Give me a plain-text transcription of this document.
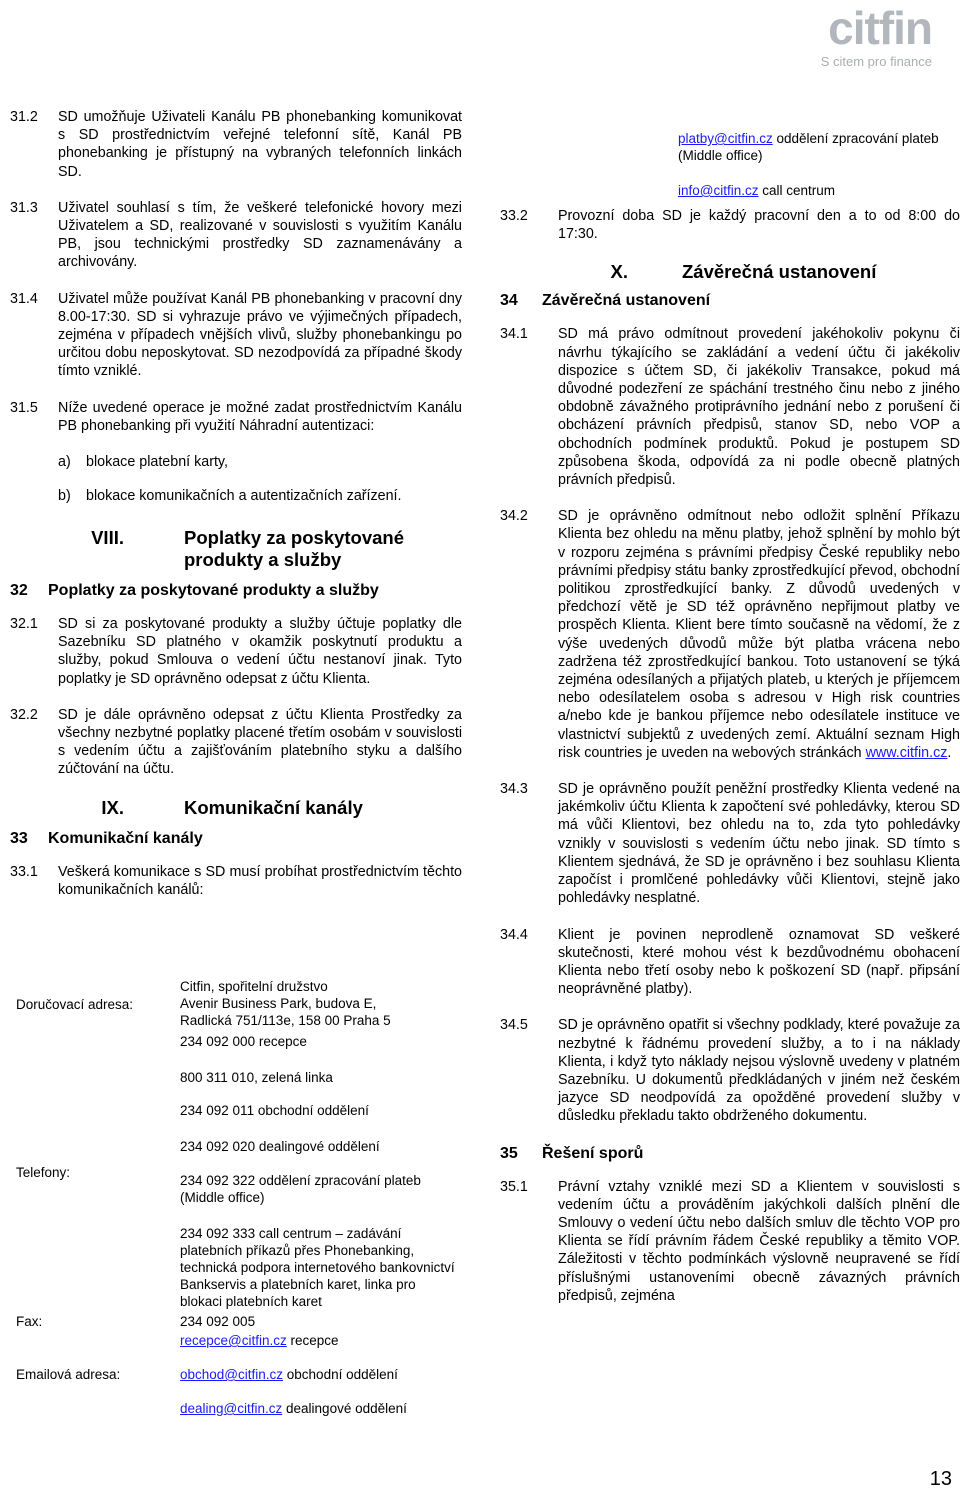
citfin
S citem pro finance
31.2	SD umožňuje Uživateli Kanálu PB phonebanking komunikovat s SD prostřednictvím veřejné telefonní sítě, Kanál PB phonebanking je přístupný na vybraných telefonních linkách SD.
31.3	Uživatel souhlasí s tím, že veškeré telefonické hovory mezi Uživatelem a SD, realizované v souvislosti s využitím Kanálu PB, jsou technickými prostředky SD zaznamenávány a archivovány.
31.4	Uživatel může používat Kanál PB phonebanking v pracovní dny 8.00-17:30. SD si vyhrazuje právo ve výjimečných případech, zejména v případech vnějších vlivů, služby phonebankingu po určitou dobu neposkytovat. SD nezodpovídá za případné škody tímto vzniklé.
31.5	Níže uvedené operace je možné zadat prostřednictvím Kanálu PB phonebanking při využití Náhradní autentizaci:
a)	blokace platební karty,
b)	blokace komunikačních a autentizačních zařízení.
VIII.	Poplatky za poskytované
produkty a služby
32	Poplatky za poskytované produkty a služby
32.1	SD si za poskytované produkty a služby účtuje poplatky dle Sazebníku SD platného v okamžik poskytnutí produktu a služby, pokud Smlouva o vedení účtu nestanoví jinak. Tyto poplatky je SD oprávněno odepsat z účtu Klienta.
32.2	SD je dále oprávněno odepsat z účtu Klienta Prostředky za všechny nezbytné poplatky placené třetím osobám v souvislosti s vedením účtu a zajišťováním platebního styku a dalšího zúčtování na účtu.
IX.	Komunikační kanály
33	Komunikační kanály
33.1	Veškerá komunikace s SD musí probíhat prostřednictvím těchto komunikačních kanálů:
Doručovací adresa:
Citfin, spořitelní družstvo
Avenir Business Park, budova E,
Radlická 751/113e, 158 00 Praha 5
Telefony:
234 092 000 recepce
800 311 010, zelená linka
234 092 011 obchodní oddělení
234 092 020 dealingové oddělení
234 092 322 oddělení zpracování plateb (Middle office)
234 092 333 call centrum – zadávání platebních příkazů přes Phonebanking, technická podpora internetového bankovnictví Bankservis a platebních karet, linka pro blokaci platebních karet
Fax:	234 092 005
Emailová adresa:
recepce@citfin.cz recepce
obchod@citfin.cz obchodní oddělení
dealing@citfin.cz dealingové oddělení
platby@citfin.cz oddělení zpracování plateb (Middle office)
info@citfin.cz call centrum
33.2	Provozní doba SD je každý pracovní den a to od 8:00 do 17:30.
X.	Závěrečná ustanovení
34	Závěrečná ustanovení
34.1	SD má právo odmítnout provedení jakéhokoliv pokynu či návrhu týkajícího se zakládání a vedení účtu či jakékoliv dispozice s účtem SD, či jakékoliv Transakce, pokud má důvodné podezření ze spáchání trestného činu nebo z jiného obdobně závažného protiprávního jednání nebo z porušení či obcházení právních předpisů, stanov SD, nebo VOP a obchodních podmínek produktů. Pokud je postupem SD způsobena škoda, odpovídá za ni podle obecně platných právních předpisů.
34.2	SD je oprávněno odmítnout nebo odložit splnění Příkazu Klienta bez ohledu na měnu platby, jehož splnění by mohlo být v rozporu zejména s právními předpisy České republiky nebo právními předpisy státu banky zprostředkující převod, obchodní politikou zprostředkující banky. Z důvodů uvedených v předchozí větě je SD též oprávněno nepřijmout platby ve prospěch Klienta. Klient bere tímto současně na vědomí, že z výše uvedených důvodů může být platba vrácena nebo zadržena též zprostředkující bankou. Toto ustanovení se týká zejména odesílaných a přijatých plateb, u kterých je příjemcem nebo odesílatelem osoba s adresou v High risk countries a/nebo kde je bankou příjemce nebo odesílatele instituce ve vlastnictví subjektů z uvedených zemí. Aktuální seznam High risk countries je uveden na webových stránkách www.citfin.cz.
34.3	SD je oprávněno použít peněžní prostředky Klienta vedené na jakémkoliv účtu Klienta k započtení své pohledávky, kterou SD má vůči Klientovi, bez ohledu na to, zda tyto pohledávky vznikly v souvislosti s vedením účtu nebo jinak. SD tímto s Klientem sjednává, že SD je oprávněno i bez souhlasu Klienta započíst i promlčené pohledávky vůči Klientovi, stejně jako pohledávky nesplatné.
34.4	Klient je povinen neprodleně oznamovat SD veškeré skutečnosti, které mohou vést k bezdůvodnému obohacení Klienta nebo třetí osoby nebo k poškození SD (např. připsání neoprávněné platby).
34.5	SD je oprávněno opatřit si všechny podklady, které považuje za nezbytné k řádnému provedení služby, a to i na náklady Klienta, i když tyto náklady nejsou výslovně uvedeny v platném Sazebníku. U dokumentů předkládaných v jiném než českém jazyce SD neodpovídá za opožděné provedení služby v důsledku překladu takto obdrženého dokumentu.
35	Řešení sporů
35.1	Právní vztahy vzniklé mezi SD a Klientem v souvislosti s vedením účtu a prováděním jakýchkoli dalších plnění dle Smlouvy o vedení účtu nebo dalších smluv dle těchto VOP pro Klienta se řídí právním řádem České republiky a těmito VOP. Záležitosti v těchto podmínkách výslovně neupravené se řídí příslušnými ustanoveními obecně závazných právních předpisů, zejména
13
